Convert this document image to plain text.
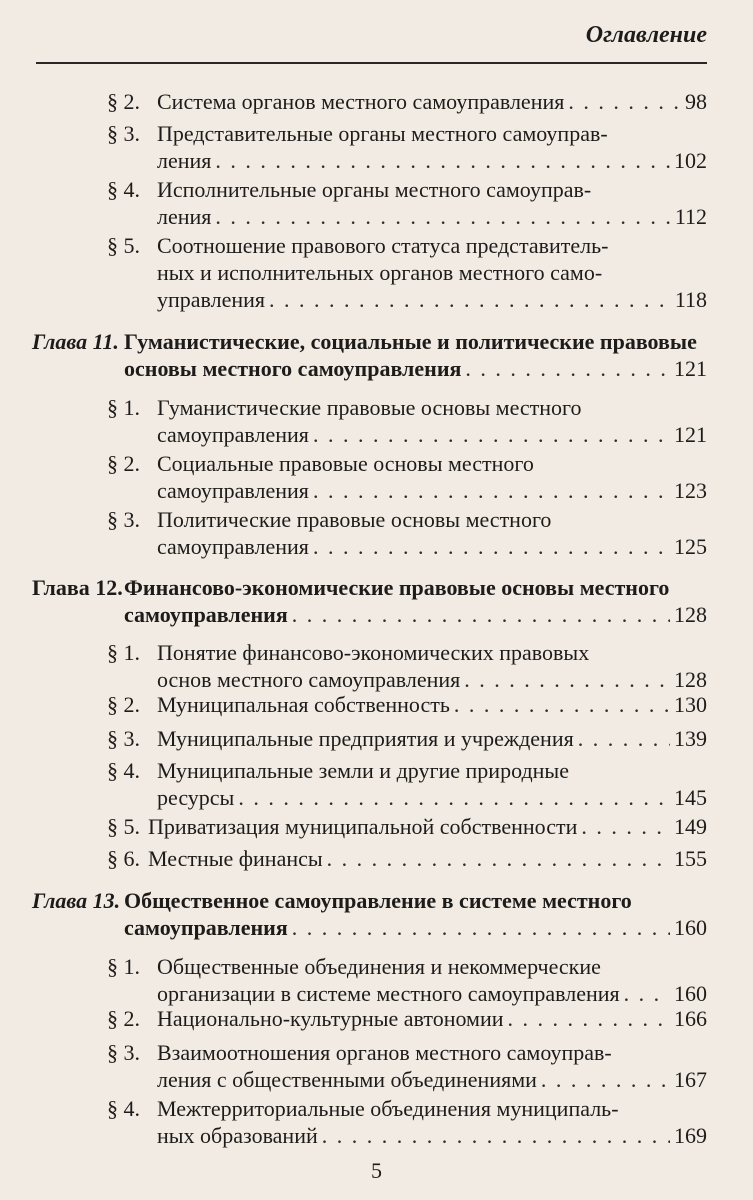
Оглавление
§ 2. Система органов местного самоуправления . . .	98
§ 3. Представительные органы местного самоуправ-
ления . . .	102
§ 4. Исполнительные органы местного самоуправ-
ления . . .	112
§ 5. Соотношение правового статуса представитель-
ных и исполнительных органов местного само-
управления . . .	118
Глава 11. Гуманистические, социальные и политические правовые
основы местного самоуправления . . .	121
§ 1. Гуманистические правовые основы местного
самоуправления . . .	121
§ 2. Социальные правовые основы местного
самоуправления . . .	123
§ 3. Политические правовые основы местного
самоуправления . . .	125
Глава 12. Финансово-экономические правовые основы местного
самоуправления . . .	128
§ 1. Понятие финансово-экономических правовых
основ местного самоуправления . . .	128
§ 2. Муниципальная собственность . . .	130
§ 3. Муниципальные предприятия и учреждения . . .	139
§ 4. Муниципальные земли и другие природные
ресурсы . . .	145
§ 5. Приватизация муниципальной собственности . . .	149
§ 6. Местные финансы . . .	155
Глава 13. Общественное самоуправление в системе местного
самоуправления . . .	160
§ 1. Общественные объединения и некоммерческие
организации в системе местного самоуправления . . . 160
§ 2. Национально-культурные автономии . . .	166
§ 3. Взаимоотношения органов местного самоуправ-
ления с общественными объединениями . . .	167
§ 4. Межтерриториальные объединения муниципаль-
ных образований . . .	169
5
